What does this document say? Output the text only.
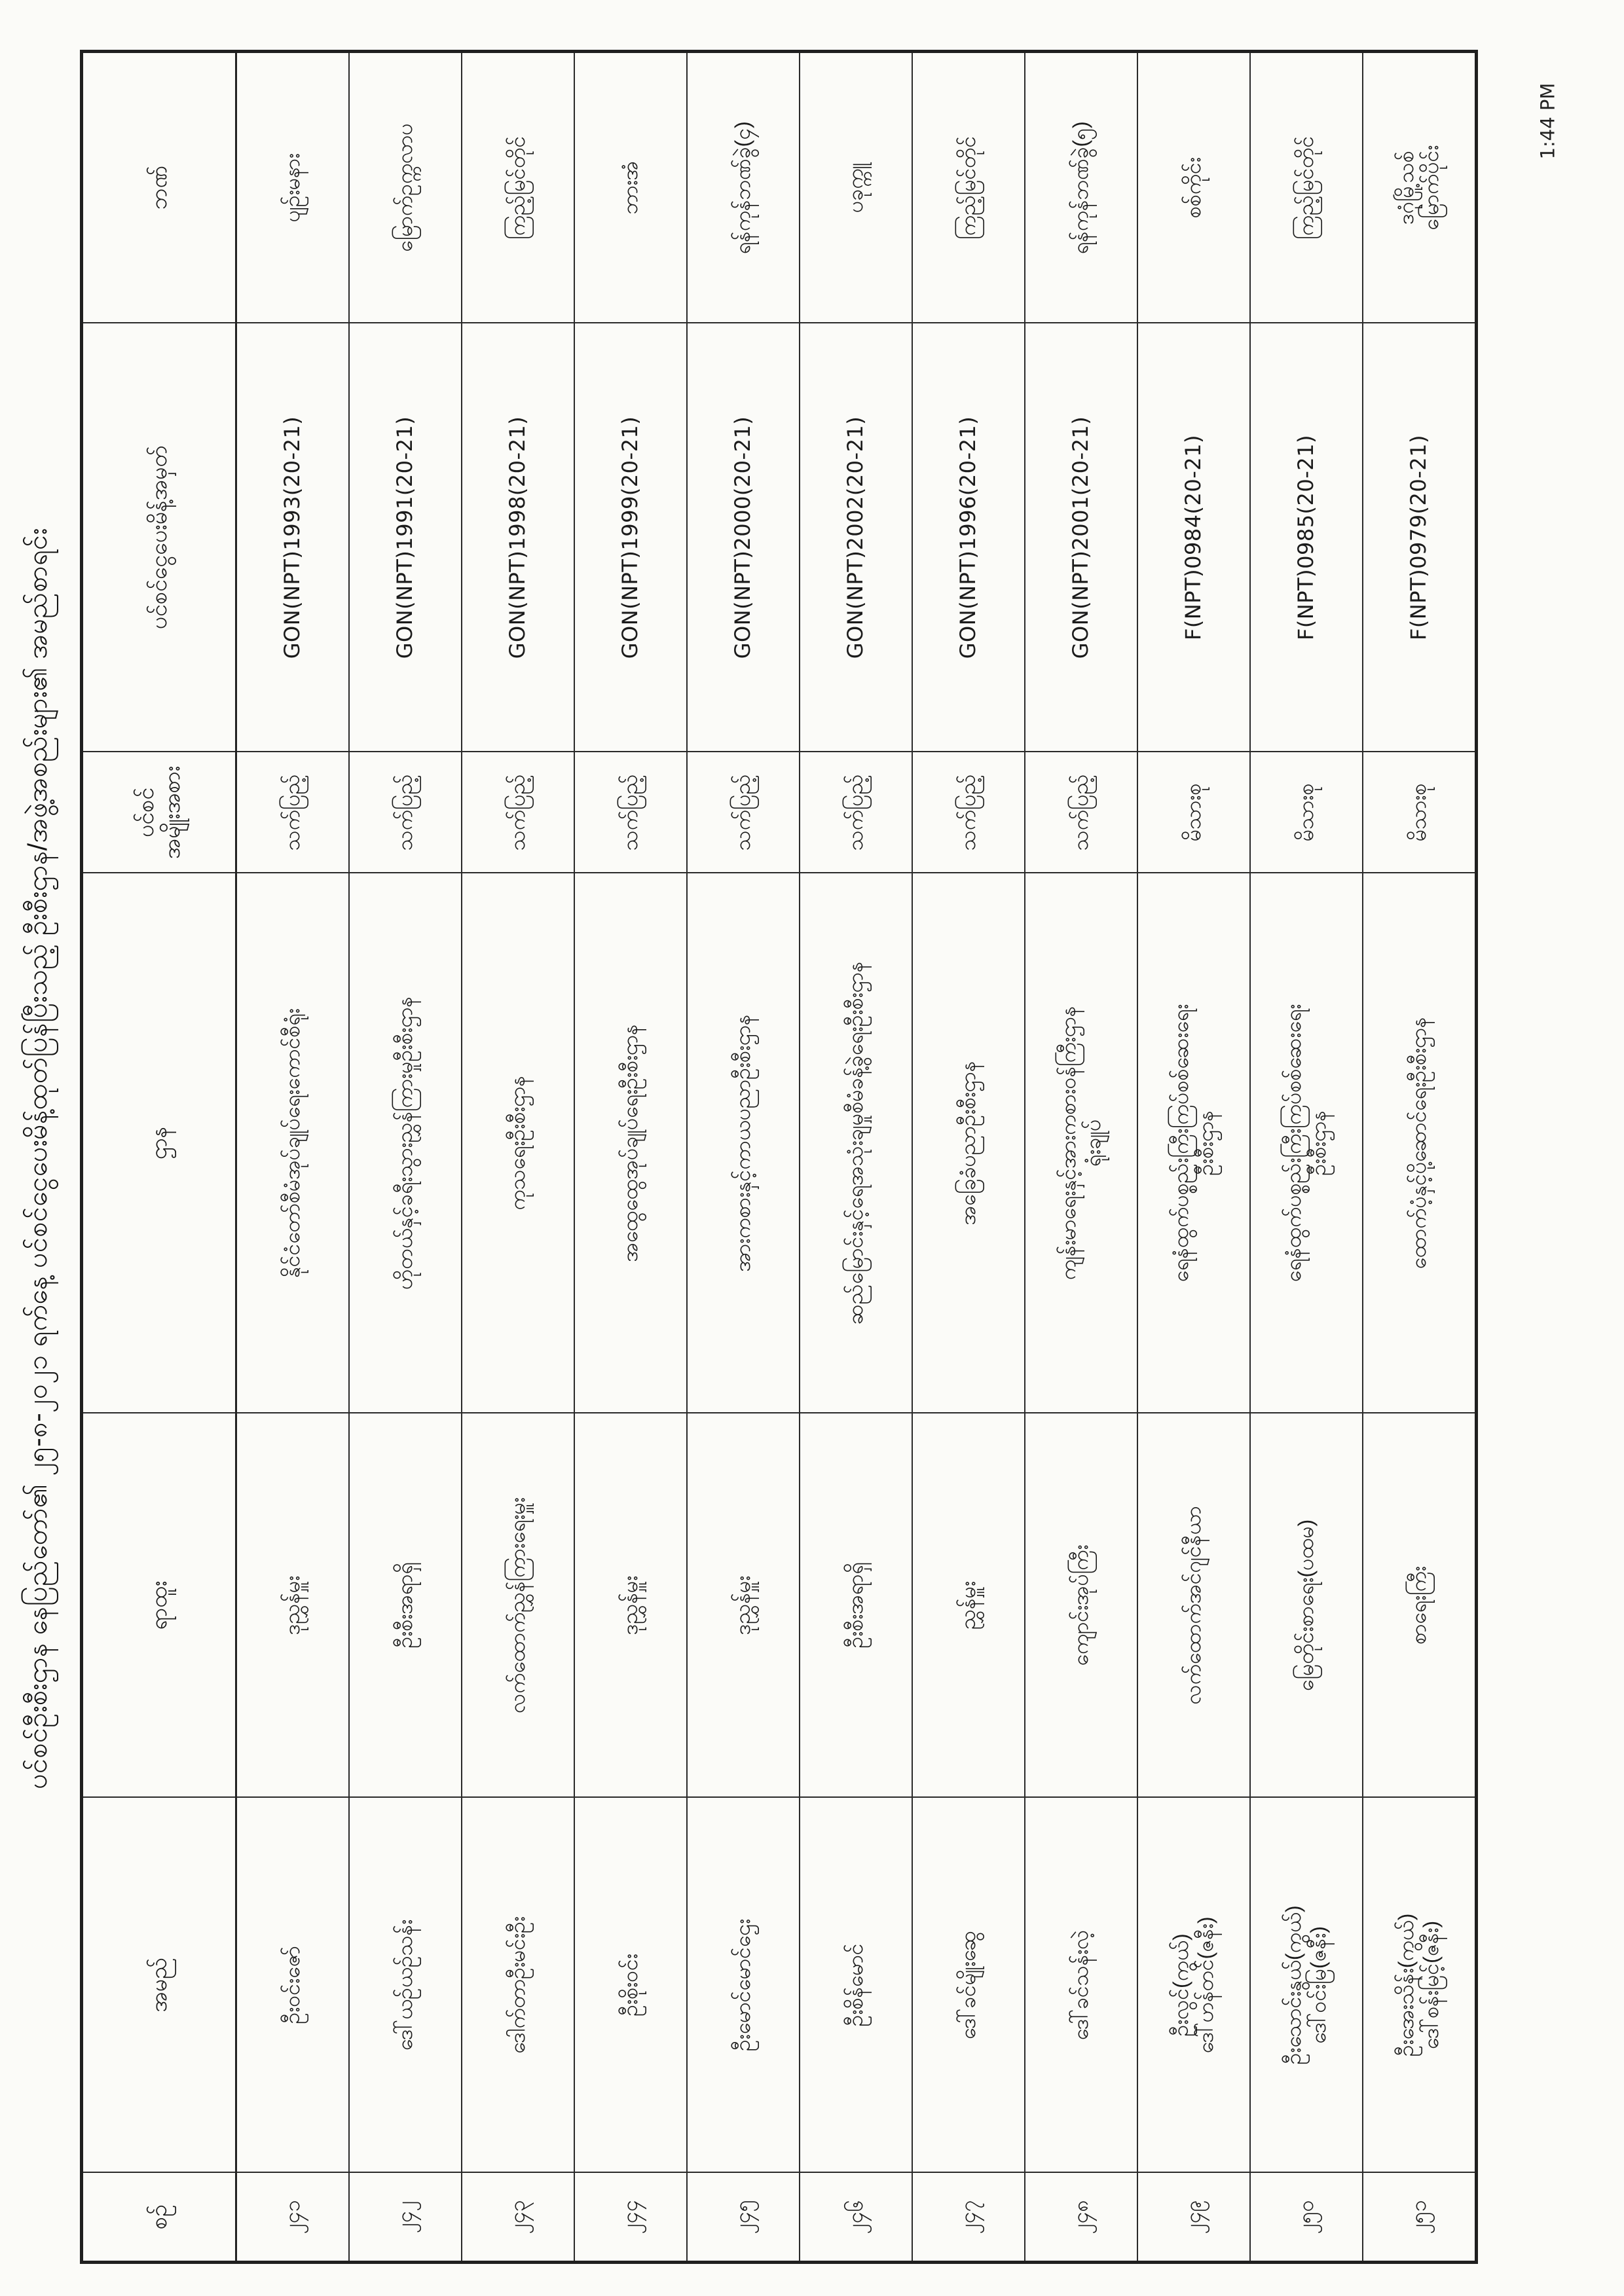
1:44 PM
ပင်စင်ဦးစီးဌာန နေပြည်တော်၏ ၂၅-၈-၂၀၂၁ ရက်နေ့ ပင်စင်ငွေပေးမိန့်ထုတ်ပြန်ပြီးသည့် ဦးစီးဌာန/အဖွဲ့အစည်းများ၏ အမည်စာရင်း
စဉ်	အမည်	ရာထူး	ဌာန	ပင်စင် အမျိုးအစား	ပင်စင်ငွေပေးမိန့်အမှတ်	ဘဏ်
၂၄၁	ဦးဝင်းဇော်	ဒုညွှန်မှူး	နိုင်ငံတော်စီမံအုပ်ချုပ်ရေးကောင်စီရုံး	သက်ပြည့်	GON(NPT)1993(20-21)	ပျဉ်းမနား

၂၄၂	ဒေါ်ယဉ်ယဉ်သန်း	ဦးစီးအရာရှိ	ဟိုတယ်နှင့်ခရီးသွားညွှန်ကြားမှုဦးစီးဌာန	သက်ပြည့်	GON(NPT)1991(20-21)	မြောက်ဥက္ကလာပ

၂၄၃	ဒေါက်တာဦးမင်းဦး	လက်ထောက်ညွှန်ကြားရေးမှူး	ကုသရေးဦးစီးဌာန	သက်ပြည့်	GON(NPT)1998(20-21)	ကြည့်မြင်တိုင်

၂၄၄	ဦးစိုးဝင်း	ဒုညွှန်မှူး	အထွေထွေအုပ်ချုပ်ရေးဦးစီးဌာန	သက်ပြည့်	GON(NPT)1999(20-21)	ဘားအံ

၂၄၅	ဦးမောင်မောင်ဌေး	ဒုညွှန်မှူး	အားကစားနှင့်ကာယပညာဦးစီးဌာန	သက်ပြည့်	GON(NPT)2000(20-21)	ရန်ကုန်ဘဏ်ခွဲ(၄)

၂၄၆	ဦးစိန်မောင်	ဦးစီးအရာရှိ	ဆည်မြောင်းနှင့်ရေအသုံးချမှုစီမံခန့်ခွဲရေးဦးစီးဌာန	သက်ပြည့်	GON(NPT)2002(20-21)	ပခုက္ကူ

၂၄၇	ဒေါ်ခင်မျိုးဆွေ	ညွှန်မှူး	အခြေခံပညာဦးစီးဌာန	သက်ပြည့်	GON(NPT)1996(20-21)	ကြည့်မြင်တိုင်

၂၄၈	ဒေါ်ခင်သန်းလဲ့	ကျောင်းအုပ်ကြီး	ကျန်းမာရေးနှင့်အားကစားဝန်ကြီးဌာန ရုံးချုပ်	သက်ပြည့်	GON(NPT)2001(20-21)	ရန်ကုန်ဘဏ်ခွဲ(၅)

၂၄၉	ဦးလွင်(ကွယ်) ဒေါ်ဟန်တင်(ဇနီး)	လက်ထောက်အင်ဂျင်နီယာ	ရေနံထွက်ပစ္စည်းကြီးကြပ်စစ်ဆေးရေး ဦးစီးဌာန	မိသားစု	F(NPT)0984(20-21)	စစ်ကိုင်း

၂၅၀	ဦးသောင်းနွယ်(ကွယ်) ဒေါ်ဝင်းမြ(ဇနီး)	မြေတိုင်းစာရေး(ပထမ)	ရေနံထွက်ပစ္စည်းကြီးကြပ်စစ်ဆေးရေး ဦးစီးဌာန	မိသားစု	F(NPT)0985(20-21)	ကြည့်မြင်တိုင်

၂၅၁	ဦးအေးသိန်း(ကွယ်) ဒေါ်စန်းမြင့်(ဇနီး)	စာရေးကြီး	ထောက်ပံ့နှင့်ပို့ဆောင်ရေးဦးစီးဌာန	မိသားစု	F(NPT)0979(20-21)	ဒဂုံမြို့သစ် မြောက်ပိုင်း
